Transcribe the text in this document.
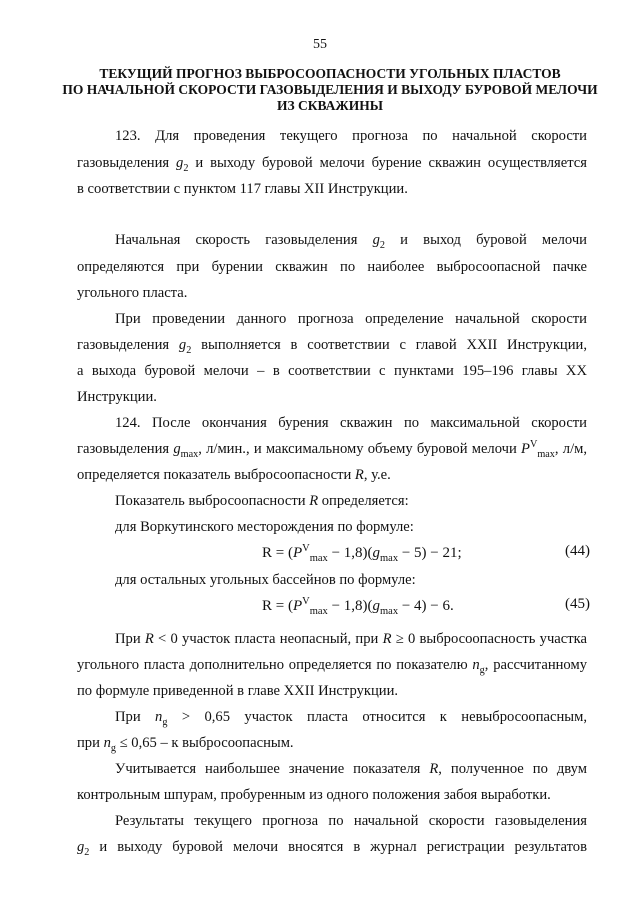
55
ТЕКУЩИЙ ПРОГНОЗ ВЫБРОСООПАСНОСТИ УГОЛЬНЫХ ПЛАСТОВ
ПО НАЧАЛЬНОЙ СКОРОСТИ ГАЗОВЫДЕЛЕНИЯ И ВЫХОДУ БУРОВОЙ МЕЛОЧИ
ИЗ СКВАЖИНЫ
123. Для проведения текущего прогноза по начальной скорости
газовыделения $g_2$ и выходу буровой мелочи бурение скважин осуществляется
в соответствии с пунктом 117 главы XII Инструкции.
Начальная скорость газовыделения $g_2$ и выход буровой мелочи
определяются при бурении скважин по наиболее выбросоопасной пачке
угольного пласта.
При проведении данного прогноза определение начальной скорости
газовыделения $g_2$ выполняется в соответствии с главой XXII Инструкции,
а выхода буровой мелочи – в соответствии с пунктами 195–196 главы XX
Инструкции.
124. После окончания бурения скважин по максимальной скорости
газовыделения $g_{max}$, л/мин., и максимальному объему буровой мелочи $P^V_{max}$, л/м,
определяется показатель выбросоопасности R, у.е.
Показатель выбросоопасности R определяется:
для Воркутинского месторождения по формуле:
$R = (P^V_{max} - 1,8)(g_{max} - 5) - 21$;	(44)
для остальных угольных бассейнов по формуле:
$R = (P^V_{max} - 1,8)(g_{max} - 4) - 6$.	(45)
При R < 0 участок пласта неопасный, при R ≥ 0 выбросоопасность участка
угольного пласта дополнительно определяется по показателю $n_g$, рассчитанному
по формуле приведенной в главе XXII Инструкции.
При $n_g > 0,65$ участок пласта относится к невыбросоопасным,
при $n_g \le 0,65 - к$ выбросоопасным.
Учитывается наибольшее значение показателя R, полученное по двум
контрольным шпурам, пробуренным из одного положения забоя выработки.
Результаты текущего прогноза по начальной скорости газовыделения
$g_2$ и выходу буровой мелочи вносятся в журнал регистрации результатов
